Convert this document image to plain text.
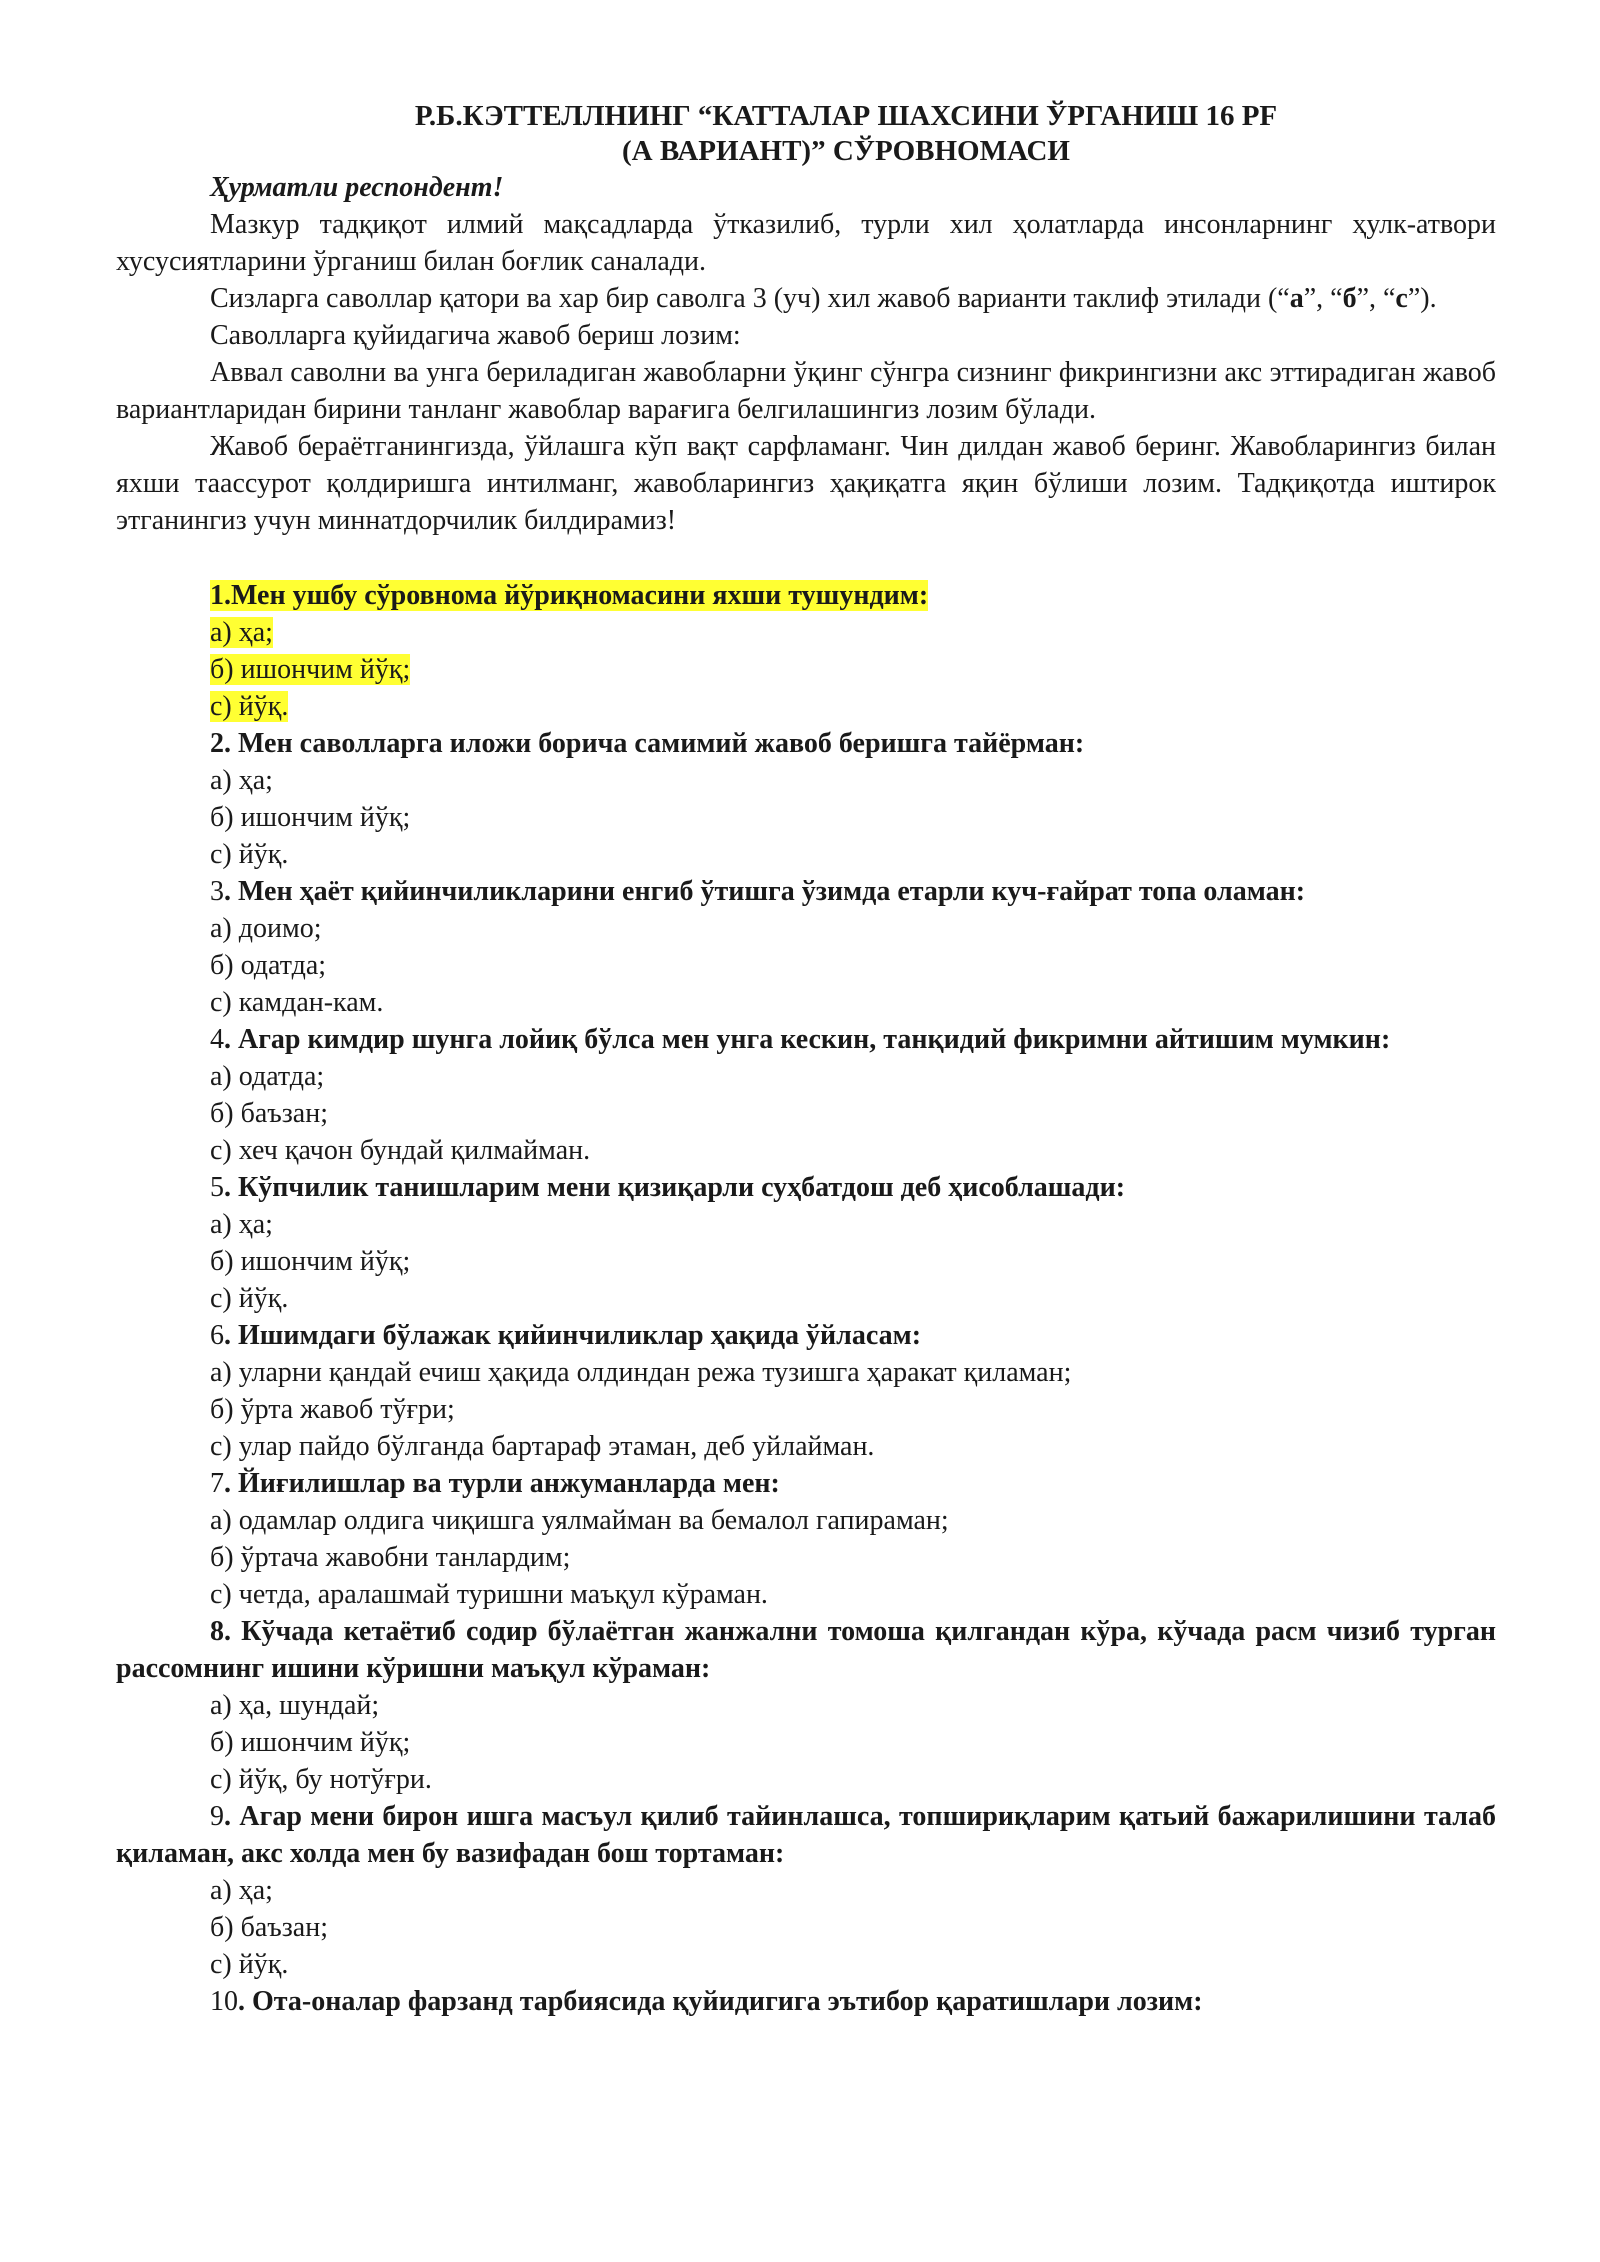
Р.Б.КЭТТЕЛЛНИНГ “КАТТАЛАР ШАХСИНИ ЎРГАНИШ 16 PF

(А ВАРИАНТ)” СЎРОВНОМАСИ

Ҳурматли респондент!

Мазкур тадқиқот илмий мақсадларда ўтказилиб, турли хил ҳолатларда инсонларнинг ҳулк-атвори хусусиятларини ўрганиш билан боғлик саналади.

Сизларга саволлар қатори ва хар бир саволга 3 (уч) хил жавоб варианти таклиф этилади (“а”, “б”, “с”).

Саволларга қуйидагича жавоб бериш лозим:

Аввал саволни ва унга бериладиган жавобларни ўқинг сўнгра сизнинг фикрингизни акс эттирадиган жавоб вариантларидан бирини танланг жавоблар варағига белгилашингиз лозим бўлади.

Жавоб бераётганингизда, ўйлашга кўп вақт сарфламанг. Чин дилдан жавоб беринг. Жавобларингиз билан яхши таассурот қолдиришга интилманг, жавобларингиз ҳақиқатга яқин бўлиши лозим. Тадқиқотда иштирок этганингиз учун миннатдорчилик билдирамиз!

1.Мен ушбу сўровнома йўриқномасини яхши тушундим:

а) ҳа;

б) ишончим йўқ;

с) йўқ.

2. Мен саволларга иложи борича самимий жавоб беришга тайёрман:

а) ҳа;

б) ишончим йўқ;

с) йўқ.

3. Мен ҳаёт қийинчиликларини енгиб ўтишга ўзимда етарли куч-ғайрат топа оламан:

а) доимо;

б) одатда;

с) камдан-кам.

4. Агар кимдир шунга лойиқ бўлса мен унга кескин, танқидий фикримни айтишим мумкин:

а) одатда;

б) баъзан;

с) хеч қачон бундай қилмайман.

5. Кўпчилик танишларим мени қизиқарли суҳбатдош деб ҳисоблашади:

а) ҳа;

б) ишончим йўқ;

с) йўқ.

6. Ишимдаги бўлажак қийинчиликлар ҳақида ўйласам:

а) уларни қандай ечиш ҳақида олдиндан режа тузишга ҳаракат қиламан;

б) ўрта жавоб тўғри;

с) улар пайдо бўлганда бартараф этаман, деб уйлайман.

7. Йиғилишлар ва турли анжуманларда мен:

а) одамлар олдига чиқишга уялмайман ва бемалол гапираман;

б) ўртача жавобни танлардим;

с) четда, аралашмай туришни маъқул кўраман.

8. Кўчада кетаётиб содир бўлаётган жанжални томоша қилгандан кўра, кўчада расм чизиб турган рассомнинг ишини кўришни маъқул кўраман:

а) ҳа, шундай;

б) ишончим йўқ;

с) йўқ, бу нотўғри.

9. Агар мени бирон ишга масъул қилиб тайинлашса, топшириқларим қатьий бажарилишини талаб қиламан, акс холда мен бу вазифадан бош тортаман:

а) ҳа;

б) баъзан;

с) йўқ.

10. Ота-оналар фарзанд тарбиясида қуйидигига эътибор қаратишлари лозим:
